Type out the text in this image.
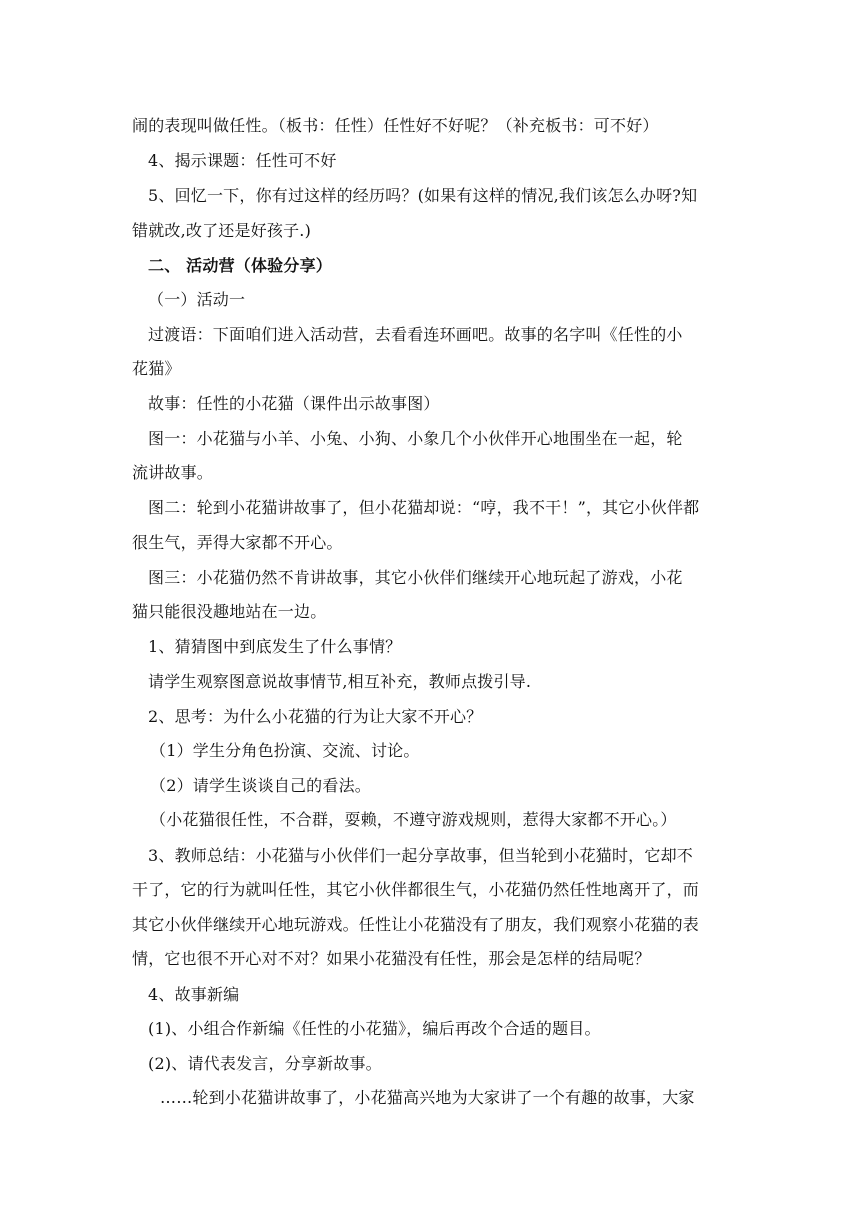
闹的表现叫做任性。（板书：任性）任性好不好呢？（补充板书：可不好）
4、揭示课题：任性可不好
5、回忆一下，你有过这样的经历吗？(如果有这样的情况,我们该怎么办呀?知
错就改,改了还是好孩子.)
二、 活动营（体验分享）
（一）活动一
过渡语：下面咱们进入活动营，去看看连环画吧。故事的名字叫《任性的小
花猫》
故事：任性的小花猫（课件出示故事图）
图一：小花猫与小羊、小兔、小狗、小象几个小伙伴开心地围坐在一起，轮
流讲故事。
图二：轮到小花猫讲故事了，但小花猫却说：“哼，我不干！”，其它小伙伴都
很生气，弄得大家都不开心。
图三：小花猫仍然不肯讲故事，其它小伙伴们继续开心地玩起了游戏，小花
猫只能很没趣地站在一边。
1、猜猜图中到底发生了什么事情？
请学生观察图意说故事情节,相互补充，教师点拨引导.
2、思考：为什么小花猫的行为让大家不开心？
（1）学生分角色扮演、交流、讨论。
（2）请学生谈谈自己的看法。
（小花猫很任性，不合群，耍赖，不遵守游戏规则，惹得大家都不开心。）
3、教师总结：小花猫与小伙伴们一起分享故事，但当轮到小花猫时，它却不
干了，它的行为就叫任性，其它小伙伴都很生气，小花猫仍然任性地离开了，而
其它小伙伴继续开心地玩游戏。任性让小花猫没有了朋友，我们观察小花猫的表
情，它也很不开心对不对？如果小花猫没有任性，那会是怎样的结局呢？
4、故事新编
(1)、小组合作新编《任性的小花猫》，编后再改个合适的题目。
(2)、请代表发言，分享新故事。
……轮到小花猫讲故事了，小花猫高兴地为大家讲了一个有趣的故事，大家
